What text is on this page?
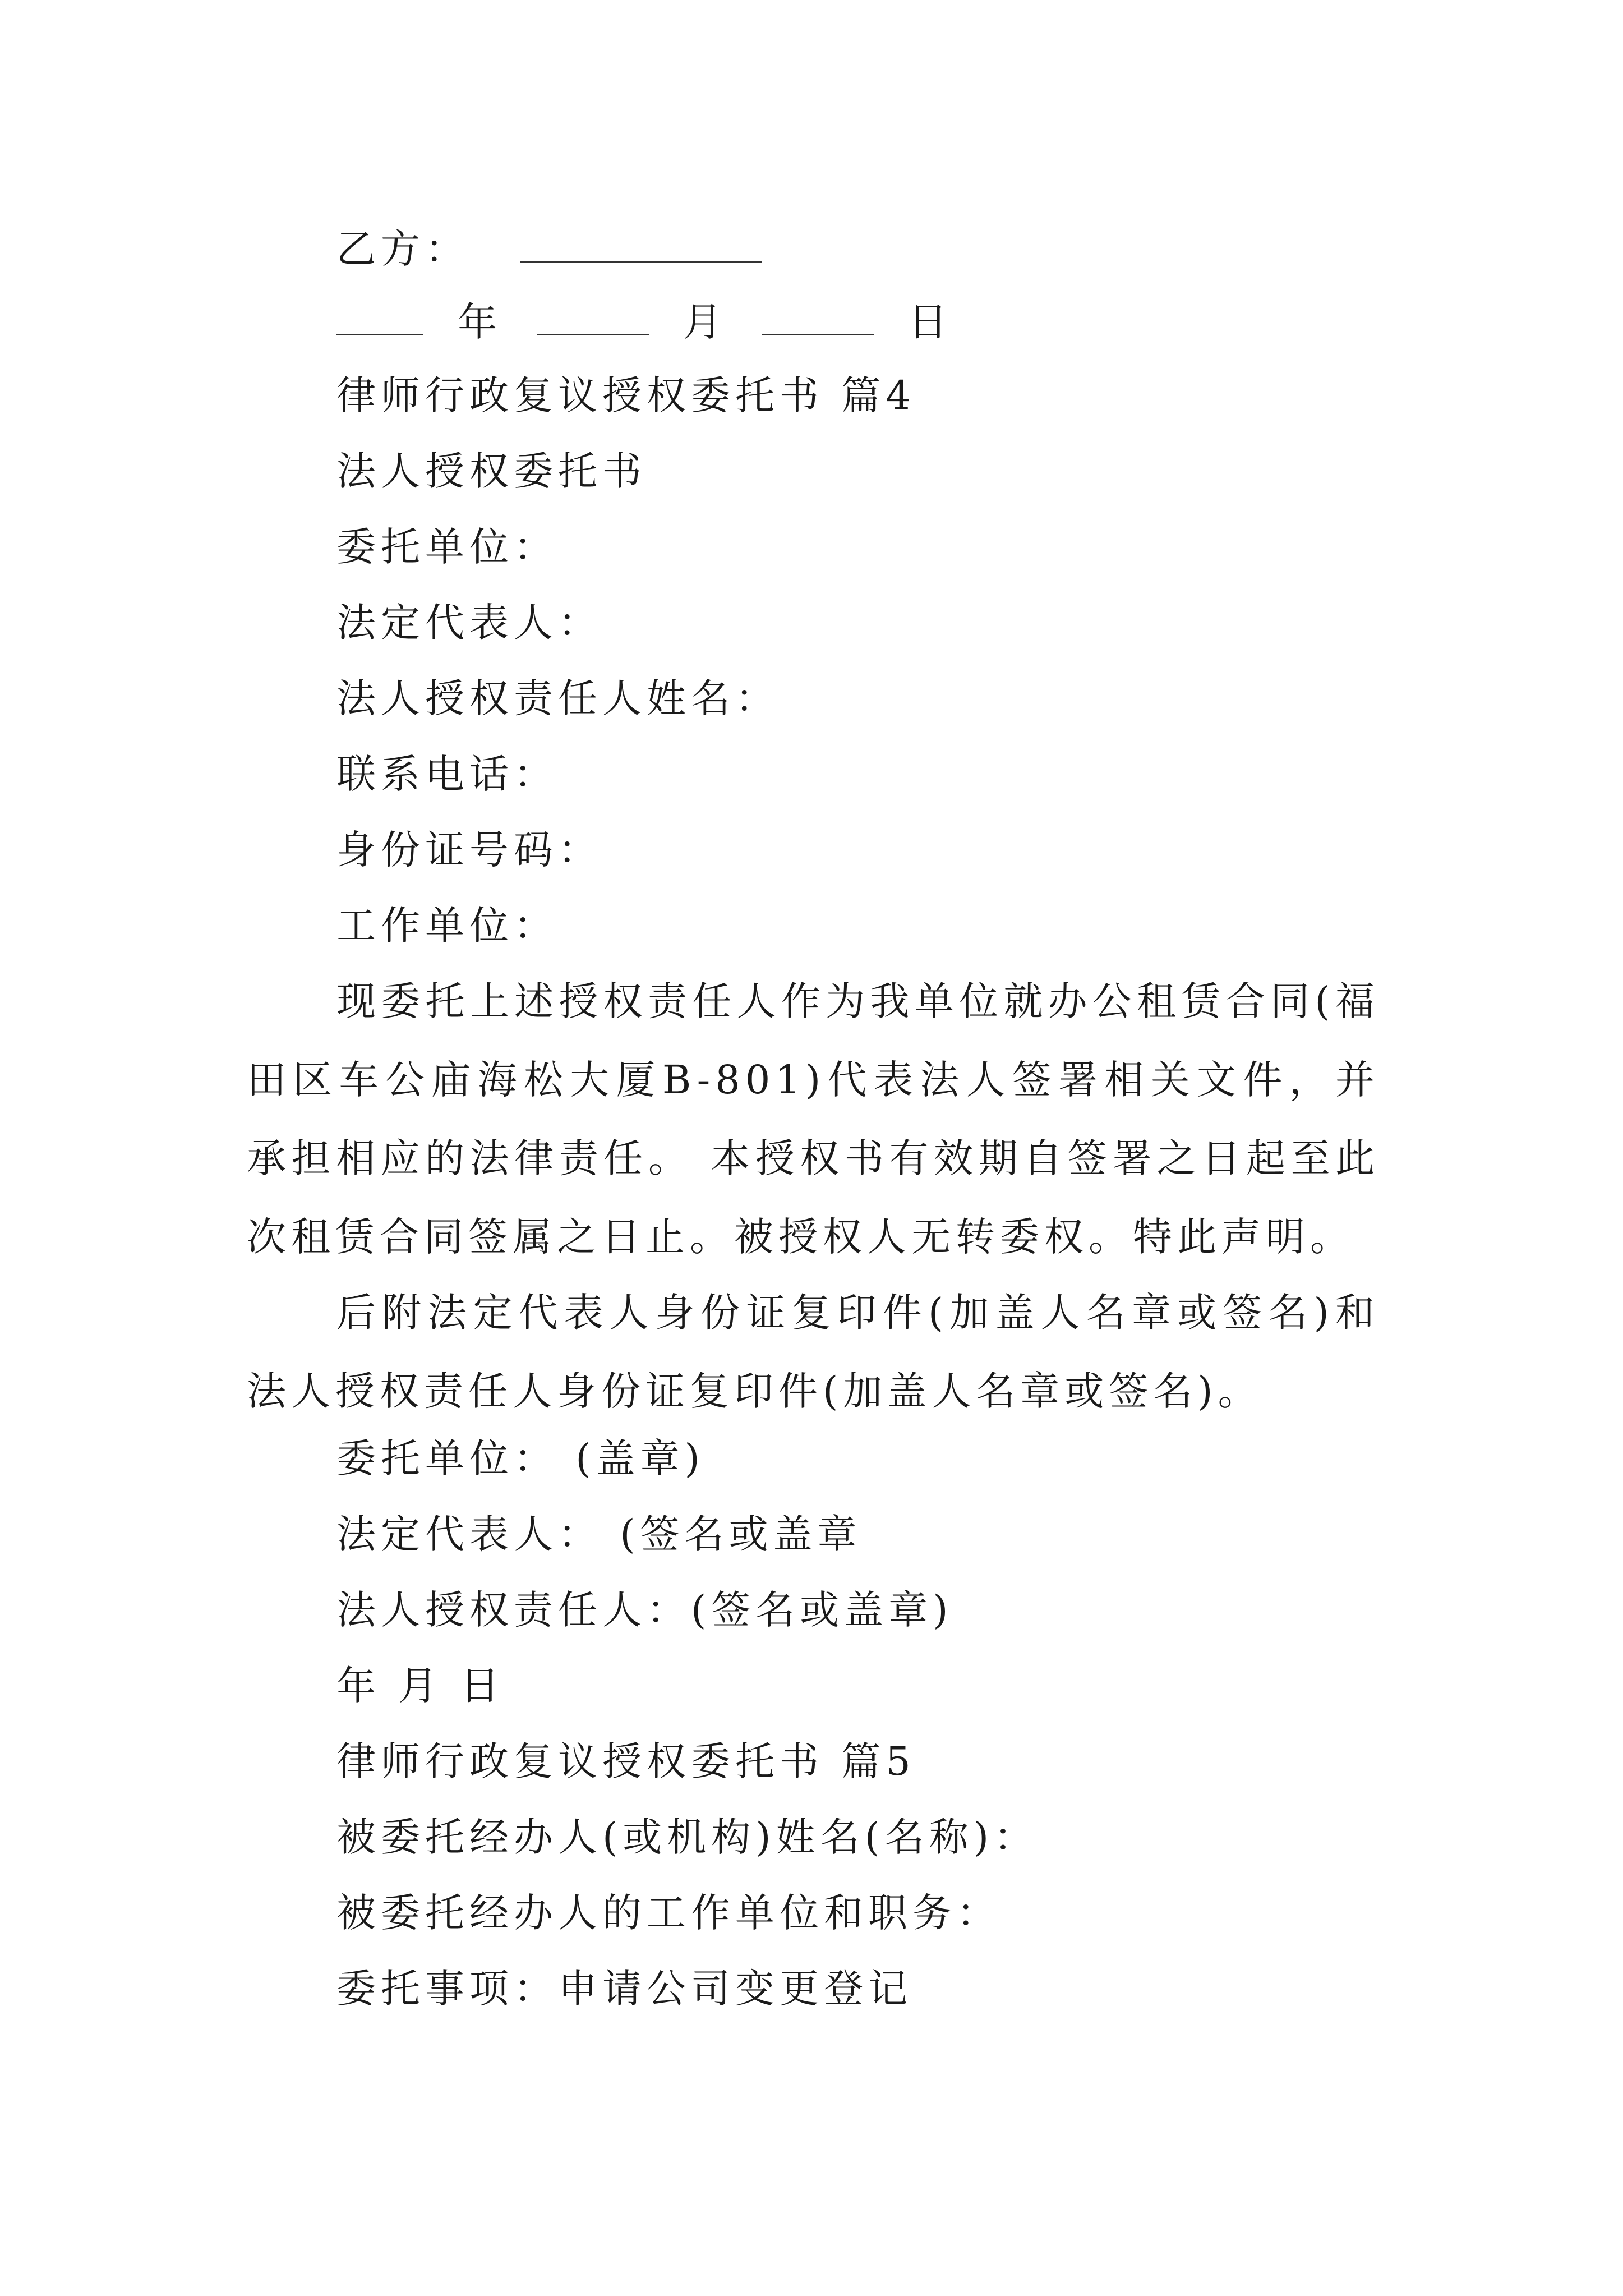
乙方：
年	月	日
律师行政复议授权委托书 篇4
法人授权委托书
委托单位：
法定代表人：
法人授权责任人姓名：
联系电话：
身份证号码：
工作单位：
现委托上述授权责任人作为我单位就办公租赁合同(福田区车公庙海松大厦B-801)代表法人签署相关文件，并承担相应的法律责任。 本授权书有效期自签署之日起至此次租赁合同签属之日止。被授权人无转委权。特此声明。
后附法定代表人身份证复印件(加盖人名章或签名)和法人授权责任人身份证复印件(加盖人名章或签名)。
委托单位： (盖章)
法定代表人： (签名或盖章
法人授权责任人：(签名或盖章)
年 月 日
律师行政复议授权委托书 篇5
被委托经办人(或机构)姓名(名称)：
被委托经办人的工作单位和职务：
委托事项：申请公司变更登记
